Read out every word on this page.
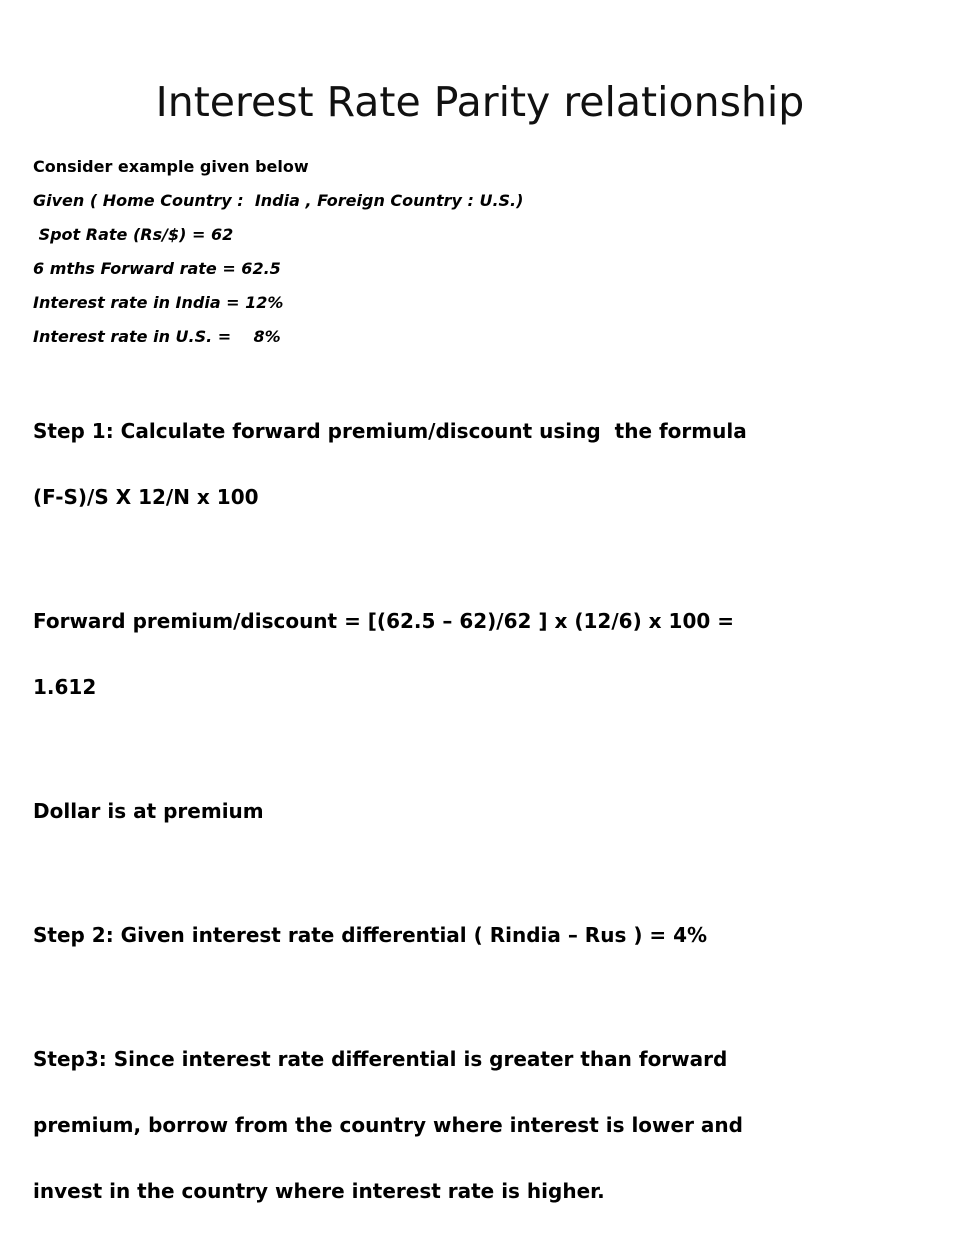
Interest Rate Parity relationship
Consider example given below
Given ( Home Country :  India , Foreign Country : U.S.)
Spot Rate (Rs/$) = 62
6 mths Forward rate = 62.5
Interest rate in India = 12%
Interest rate in U.S. =    8%

Step 1: Calculate forward premium/discount using  the formula

(F-S)/S X 12/N x 100

Forward premium/discount = [(62.5 – 62)/62 ] x (12/6) x 100 =

1.612

Dollar is at premium

Step 2: Given interest rate differential ( Rindia – Rus ) = 4%

Step3: Since interest rate differential is greater than forward

premium, borrow from the country where interest is lower and

invest in the country where interest rate is higher.
